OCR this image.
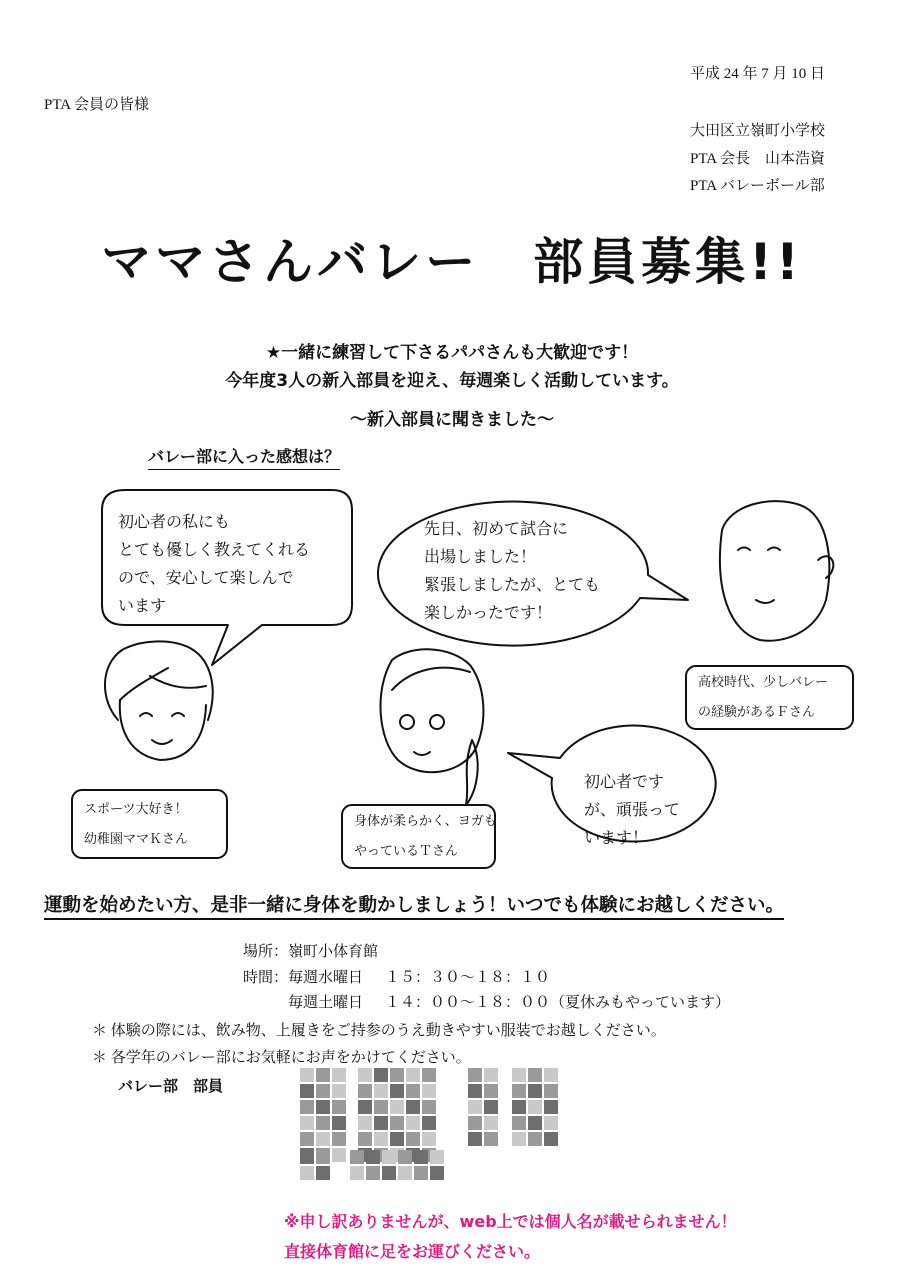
平成 24 年 7 月 10 日
PTA 会員の皆様
大田区立嶺町小学校
PTA 会長　山本浩資
PTA バレーボール部
ママさんバレー　部員募集!!
★一緒に練習して下さるパパさんも大歓迎です！
今年度3人の新入部員を迎え、毎週楽しく活動しています。
～新入部員に聞きました～
バレー部に入った感想は？
初心者の私にも
とても優しく教えてくれる
ので、安心して楽しんで
います
先日、初めて試合に
出場しました！
緊張しましたが、とても
楽しかったです！
初心者です
が、頑張って
います！
スポーツ大好き！
幼稚園ママＫさん
身体が柔らかく、ヨガも
やっているＴさん
高校時代、少しバレー
の経験があるＦさん
運動を始めたい方、是非一緒に身体を動かしましょう！いつでも体験にお越しください。
場所：嶺町小体育館
時間：毎週水曜日 １５：３０～１８：１０
毎週土曜日 １４：００～１８：００（夏休みもやっています）
＊ 体験の際には、飲み物、上履きをご持参のうえ動きやすい服装でお越しください。
＊ 各学年のバレー部にお気軽にお声をかけてください。
バレー部　部員
※申し訳ありませんが、web上では個人名が載せられません！
直接体育館に足をお運びください。
